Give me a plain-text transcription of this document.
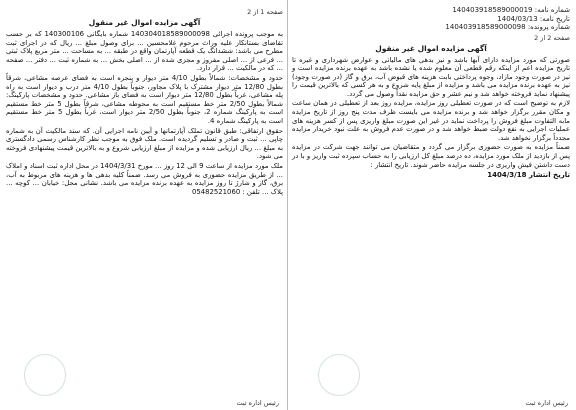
شماره نامه: 140403918589000019
تاریخ نامه: 1404/03/13
شماره پرونده: 140403918589000098
صفحه 2 از 2
آگهی مزایده اموال غیر منقول

صورتی که مورد مزایده دارای آبها باشد و نیز بدهی های مالیاتی و عوارض شهرداری و غیره تا تاریخ مزایده اعم از اینکه رقم قطعی آن معلوم شده یا نشده باشد به عهده برنده مزایده است و نیز در صورت وجود مازاد، وجوه پرداختی بابت هزینه های قبوض آب، برق و گاز (در صورت وجود) نیز به عهده برنده مزایده می باشد و مزایده از مبلغ پایه شروع و به هر کسی که بالاترین قیمت را پیشنهاد نماید فروخته خواهد شد و نیم عشر و حق مزایده نقداً وصول می گردد.

لازم به توضیح است که در صورت تعطیلی روز مزایده، مزایده روز بعد از تعطیلی در همان ساعت و مکان مقرر برگزار خواهد شد و برنده مزایده می بایست ظرف مدت پنج روز از تاریخ مزایده مابه التفاوت مبلغ فروش را پرداخت نماید در غیر این صورت مبلغ واریزی پس از کسر هزینه های عملیات اجرایی به نفع دولت ضبط خواهد شد و در صورت عدم فروش به علت نبود خریدار مزایده مجدداً برگزار نخواهد شد.

ضمناً مزایده به صورت حضوری برگزار می گردد و متقاضیان می توانند جهت شرکت در مزایده پس از بازدید از ملک مورد مزایده، ده درصد مبلغ کل ارزیابی را به حساب سپرده ثبت واریز و با در دست داشتن فیش واریزی در جلسه مزایده حاضر شوند. تاریخ انتشار :

تاریخ انتشار 1404/3/18
رئیس اداره ثبت
صفحه 1 از 2
آگهی مزایده اموال غیر منقول

به موجب پرونده اجرائی 140304018589000098 شماره بایگانی 140300106 که بر حسب تقاضای بستانکار علیه وراث مرحوم غلامحسین ... برای وصول مبلغ ... ریال که در اجرای ثبت مطرح می باشد: ششدانگ یک قطعه آپارتمان واقع در طبقه ... به مساحت ... متر مربع پلاک ثبتی ... فرعی از ... اصلی مفروز و مجزی شده از ... اصلی بخش ... به شماره ثبت ... دفتر ... صفحه ... که در مالکیت ... قرار دارد.

حدود و مشخصات: شمالاً بطول 4/10 متر دیوار و پنجره است به فضای عرصه مشاعی، شرقاً بطول 12/80 متر دیوار مشترک با پلاک مجاور، جنوباً بطول 4/10 متر درب و دیوار است به راه پله مشاعی، غرباً بطول 12/80 متر دیوار است به فضای باز مشاعی. حدود و مشخصات پارکینگ: شمالاً بطول 2/50 متر خط مستقیم است به محوطه مشاعی، شرقاً بطول 5 متر خط مستقیم است به پارکینگ شماره 2، جنوباً بطول 2/50 متر دیوار است، غرباً بطول 5 متر خط مستقیم است به پارکینگ شماره 4.

حقوق ارتفاقی: طبق قانون تملک آپارتمانها و آیین نامه اجرایی آن. که سند مالکیت آن به شماره چاپی ... ثبت و صادر و تسلیم گردیده است. ملک فوق به موجب نظر کارشناس رسمی دادگستری به مبلغ ... ریال ارزیابی شده و مزایده از مبلغ ارزیابی شروع و به بالاترین قیمت پیشنهادی فروخته می شود.

ملک مورد مزایده از ساعت 9 الی 12 روز ... مورخ 1404/3/31 در محل اداره ثبت اسناد و املاک ... از طریق مزایده حضوری به فروش می رسد. ضمناً کلیه بدهی ها و هزینه های مربوط به آب، برق، گاز و شارژ تا روز مزایده به عهده برنده مزایده می باشد. نشانی محل: خیابان ... کوچه ... پلاک ... تلفن : 05482521060

رئیس اداره ثبت
